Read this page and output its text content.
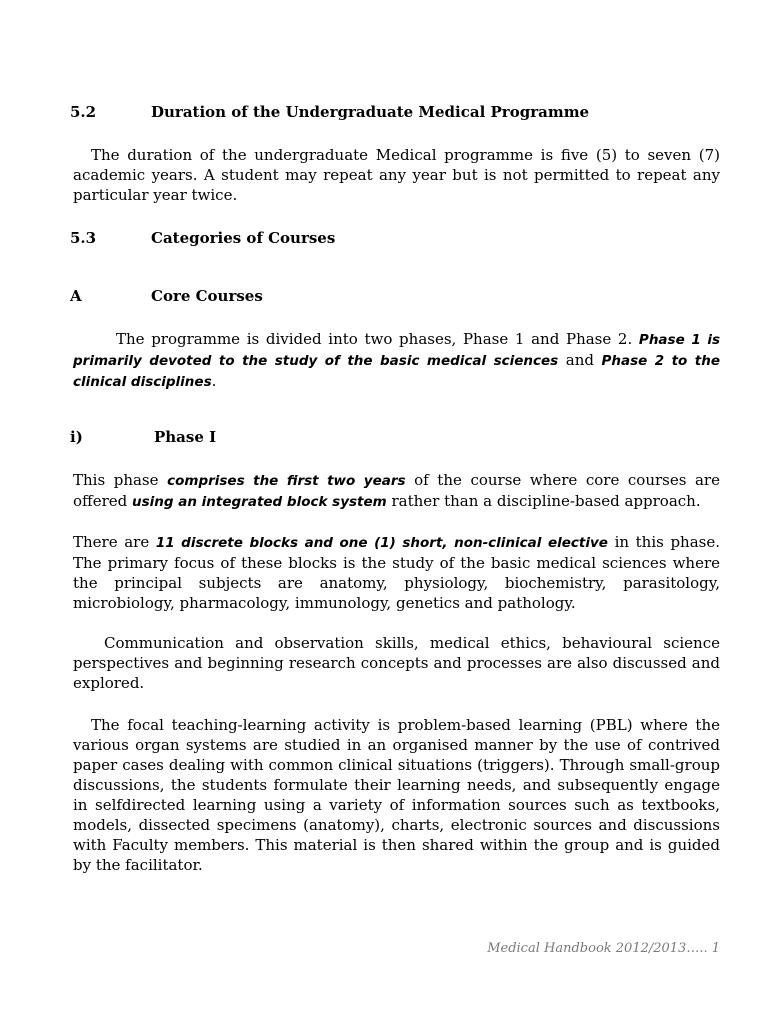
5.2	Duration of the Undergraduate Medical Programme

The duration of the undergraduate Medical programme is five (5) to seven (7) academic years. A student may repeat any year but is not permitted to repeat any particular year twice.

5.3	Categories of Courses
A	Core Courses

The programme is divided into two phases, Phase 1 and Phase 2. Phase 1 is primarily devoted to the study of the basic medical sciences and Phase 2 to the clinical disciplines.

i)	Phase I

This phase comprises the first two years of the course where core courses are offered using an integrated block system rather than a discipline-based approach.

There are 11 discrete blocks and one (1) short, non-clinical elective in this phase. The primary focus of these blocks is the study of the basic medical sciences where the principal subjects are anatomy, physiology, biochemistry, parasitology, microbiology, pharmacology, immunology, genetics and pathology.

Communication and observation skills, medical ethics, behavioural science perspectives and beginning research concepts and processes are also discussed and explored.

The focal teaching-learning activity is problem-based learning (PBL) where the various organ systems are studied in an organised manner by the use of contrived paper cases dealing with common clinical situations (triggers). Through small-group discussions, the students formulate their learning needs, and subsequently engage in selfdirected learning using a variety of information sources such as textbooks, models, dissected specimens (anatomy), charts, electronic sources and discussions with Faculty members. This material is then shared within the group and is guided by the facilitator.

Medical Handbook 2012/2013….. 1
